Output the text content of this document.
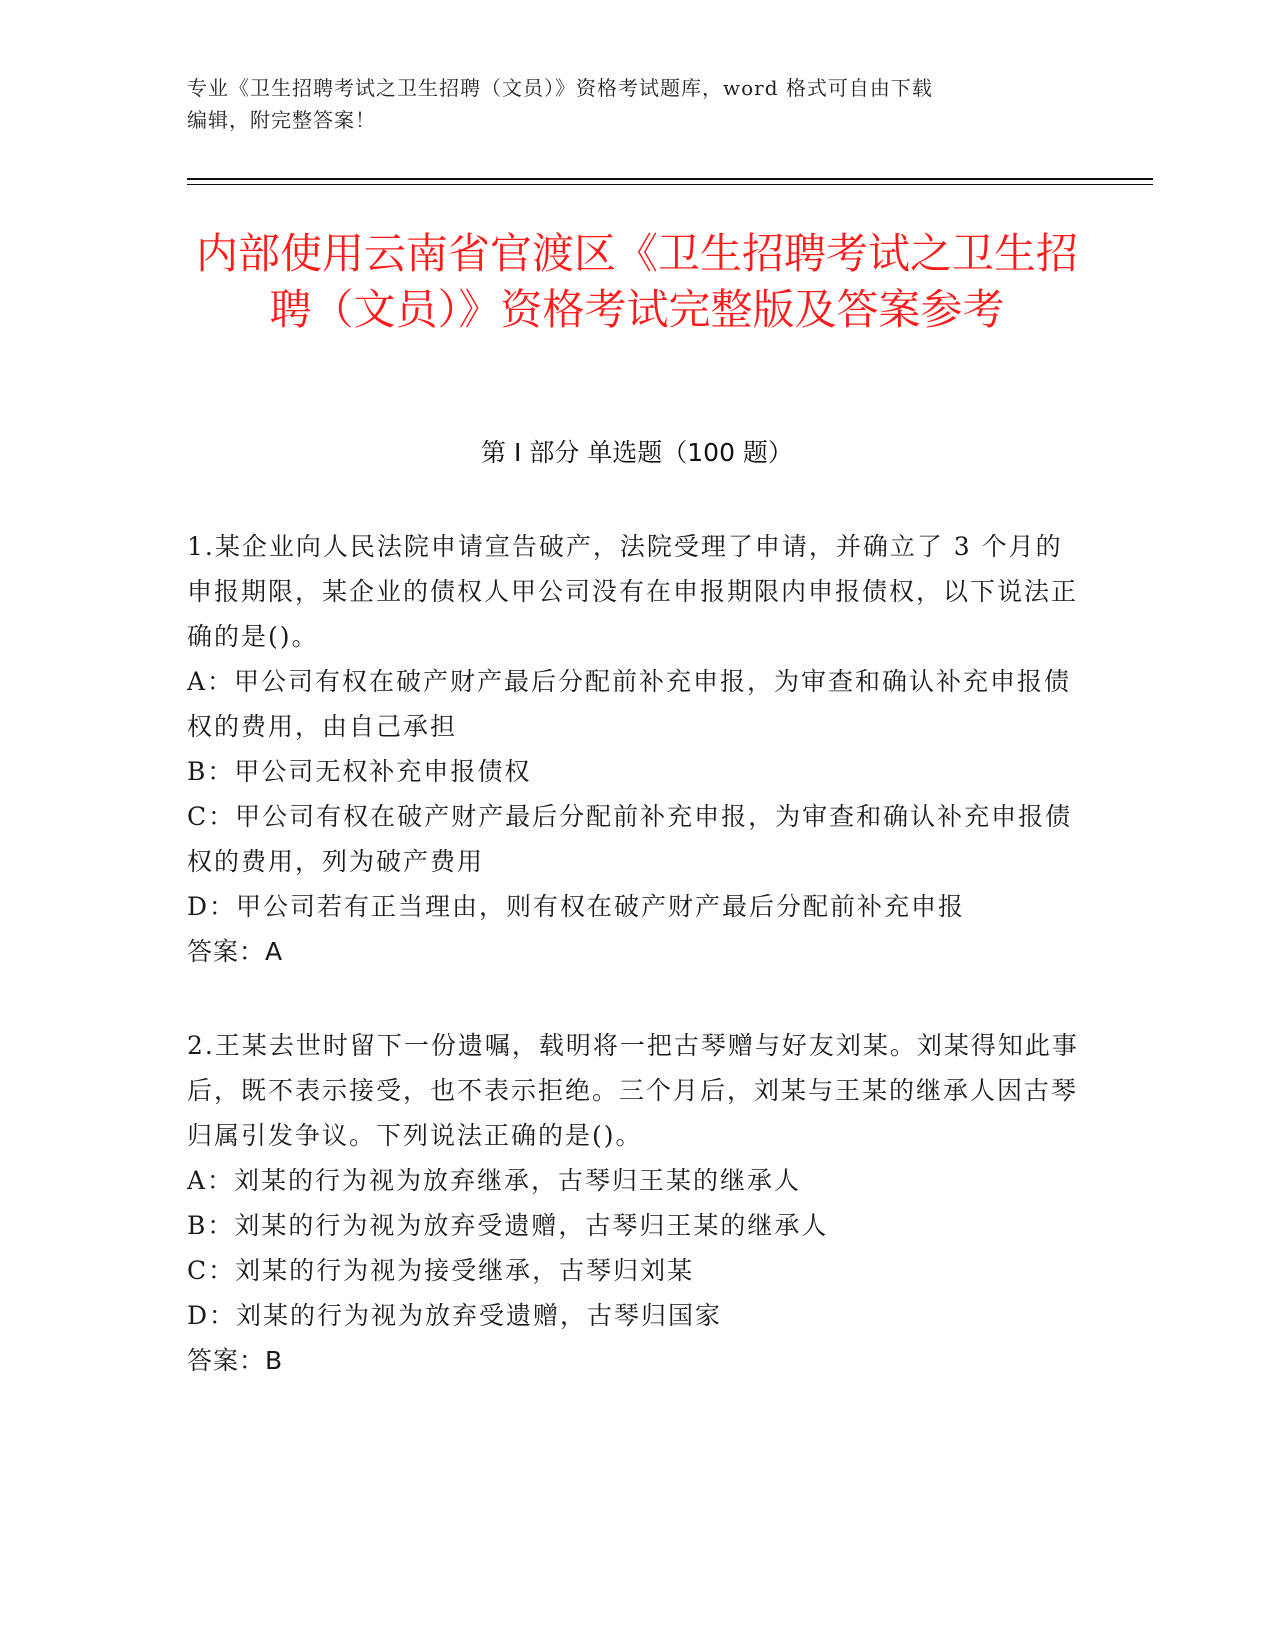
专业《卫生招聘考试之卫生招聘（文员）》资格考试题库，word 格式可自由下载
编辑，附完整答案！
内部使用云南省官渡区《卫生招聘考试之卫生招聘（文员）》资格考试完整版及答案参考
第 I 部分 单选题（100 题）

1.某企业向人民法院申请宣告破产，法院受理了申请，并确立了 3 个月的申报期限，某企业的债权人甲公司没有在申报期限内申报债权，以下说法正确的是()。

A：甲公司有权在破产财产最后分配前补充申报，为审查和确认补充申报债权的费用，由自己承担

B：甲公司无权补充申报债权

C：甲公司有权在破产财产最后分配前补充申报，为审查和确认补充申报债权的费用，列为破产费用

D：甲公司若有正当理由，则有权在破产财产最后分配前补充申报

答案：A

2.王某去世时留下一份遗嘱，载明将一把古琴赠与好友刘某。刘某得知此事后，既不表示接受，也不表示拒绝。三个月后，刘某与王某的继承人因古琴归属引发争议。下列说法正确的是()。

A：刘某的行为视为放弃继承，古琴归王某的继承人

B：刘某的行为视为放弃受遗赠，古琴归王某的继承人

C：刘某的行为视为接受继承，古琴归刘某

D：刘某的行为视为放弃受遗赠，古琴归国家

答案：B
